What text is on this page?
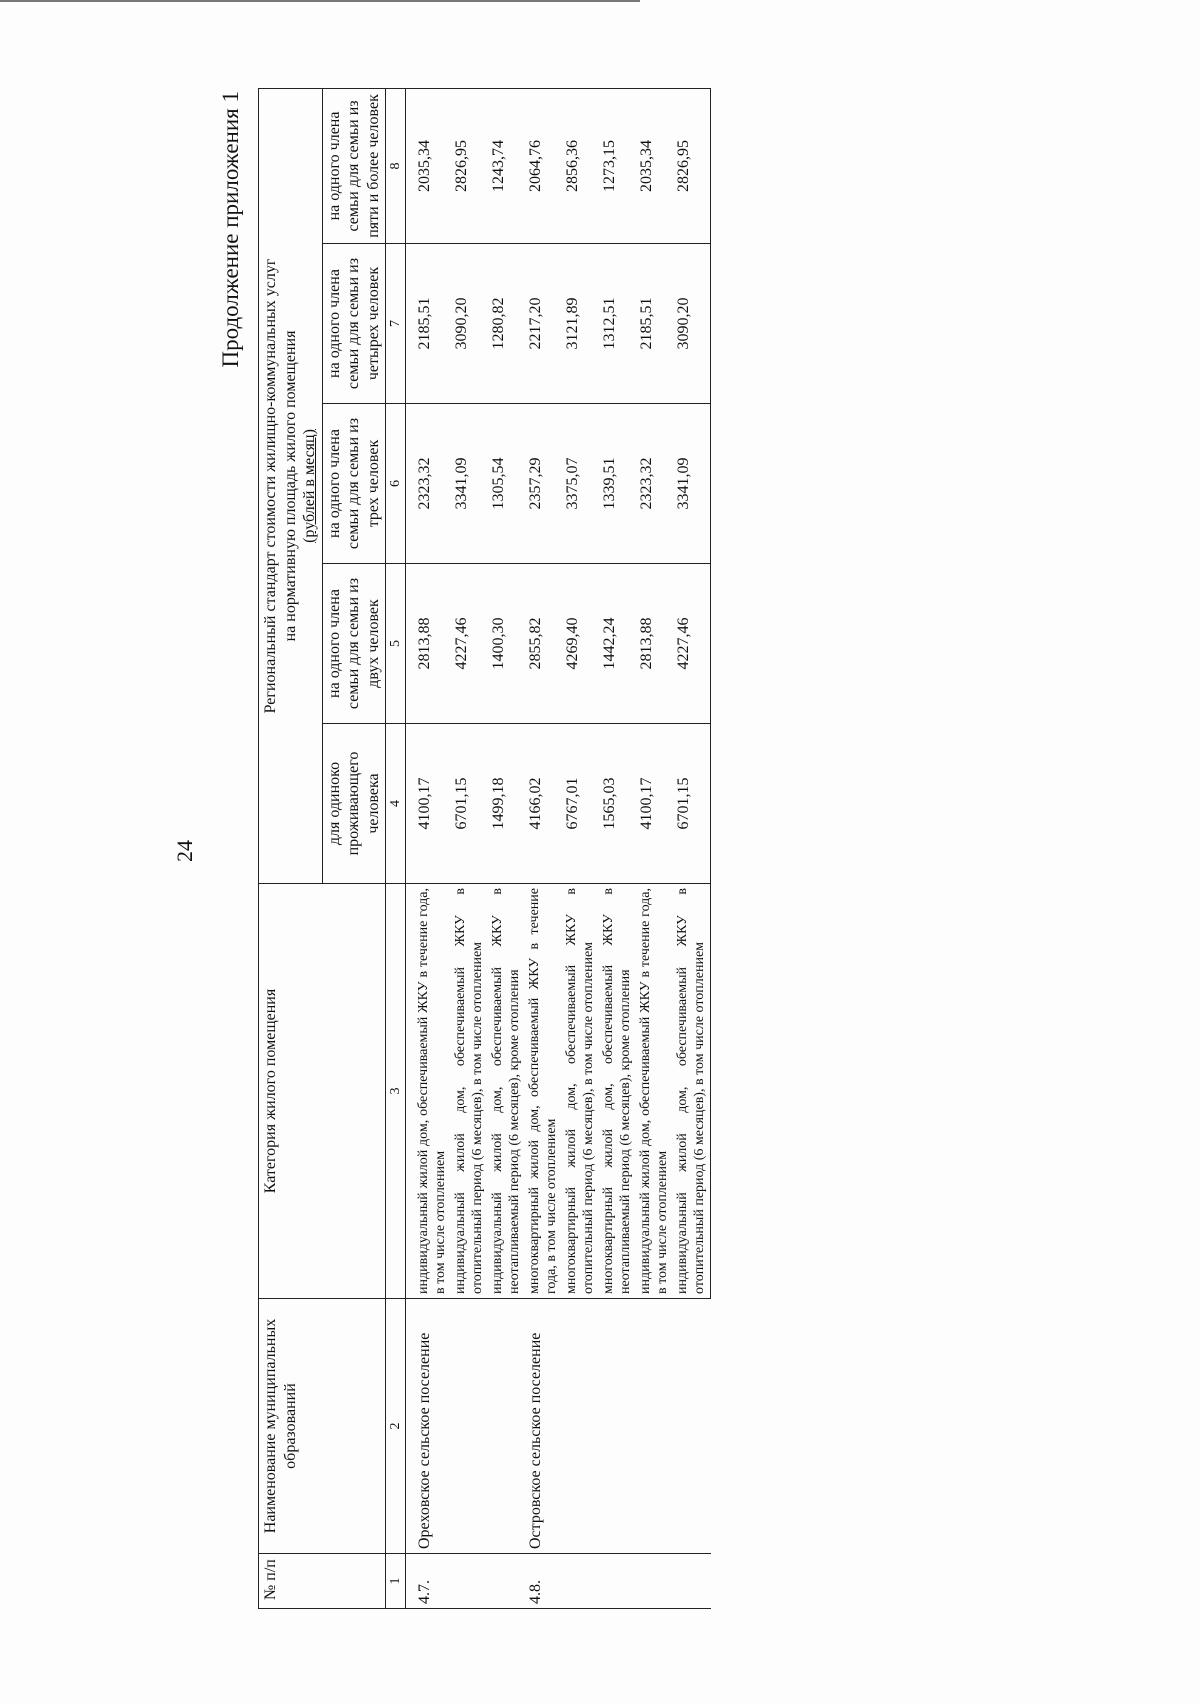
24
Продолжение приложения 1
№ п/п	Наименование муниципальных образований	Категория жилого помещения	Региональный стандарт стоимости жилищно-коммунальных услуг на нормативную площадь жилого помещения (рублей в месяц)				

			для одиноко проживающего человека	на одного члена семьи для семьи из двух человек	на одного члена семьи для семьи из трех человек	на одного члена семьи для семьи из четырех человек	на одного члена семьи для семьи из пяти и более человек
1	2	3	4	5	6	7	8
4.7.	Ореховское сельское поселение	индивидуальный жилой дом, обеспечиваемый ЖКУ в течение года, в том числе отоплением	4100,17	2813,88	2323,32	2185,51	2035,34
		индивидуальный жилой дом, обеспечиваемый ЖКУ в отопительный период (6 месяцев), в том числе отоплением	6701,15	4227,46	3341,09	3090,20	2826,95
		индивидуальный жилой дом, обеспечиваемый ЖКУ в неотапливаемый период (6 месяцев), кроме отопления	1499,18	1400,30	1305,54	1280,82	1243,74
4.8.	Островское сельское поселение	многоквартирный жилой дом, обеспечиваемый ЖКУ в течение года, в том числе отоплением	4166,02	2855,82	2357,29	2217,20	2064,76
		многоквартирный жилой дом, обеспечиваемый ЖКУ в отопительный период (6 месяцев), в том числе отоплением	6767,01	4269,40	3375,07	3121,89	2856,36
		многоквартирный жилой дом, обеспечиваемый ЖКУ в неотапливаемый период (6 месяцев), кроме отопления	1565,03	1442,24	1339,51	1312,51	1273,15
		индивидуальный жилой дом, обеспечиваемый ЖКУ в течение года, в том числе отоплением	4100,17	2813,88	2323,32	2185,51	2035,34
		индивидуальный жилой дом, обеспечиваемый ЖКУ в отопительный период (6 месяцев), в том числе отоплением	6701,15	4227,46	3341,09	3090,20	2826,95
